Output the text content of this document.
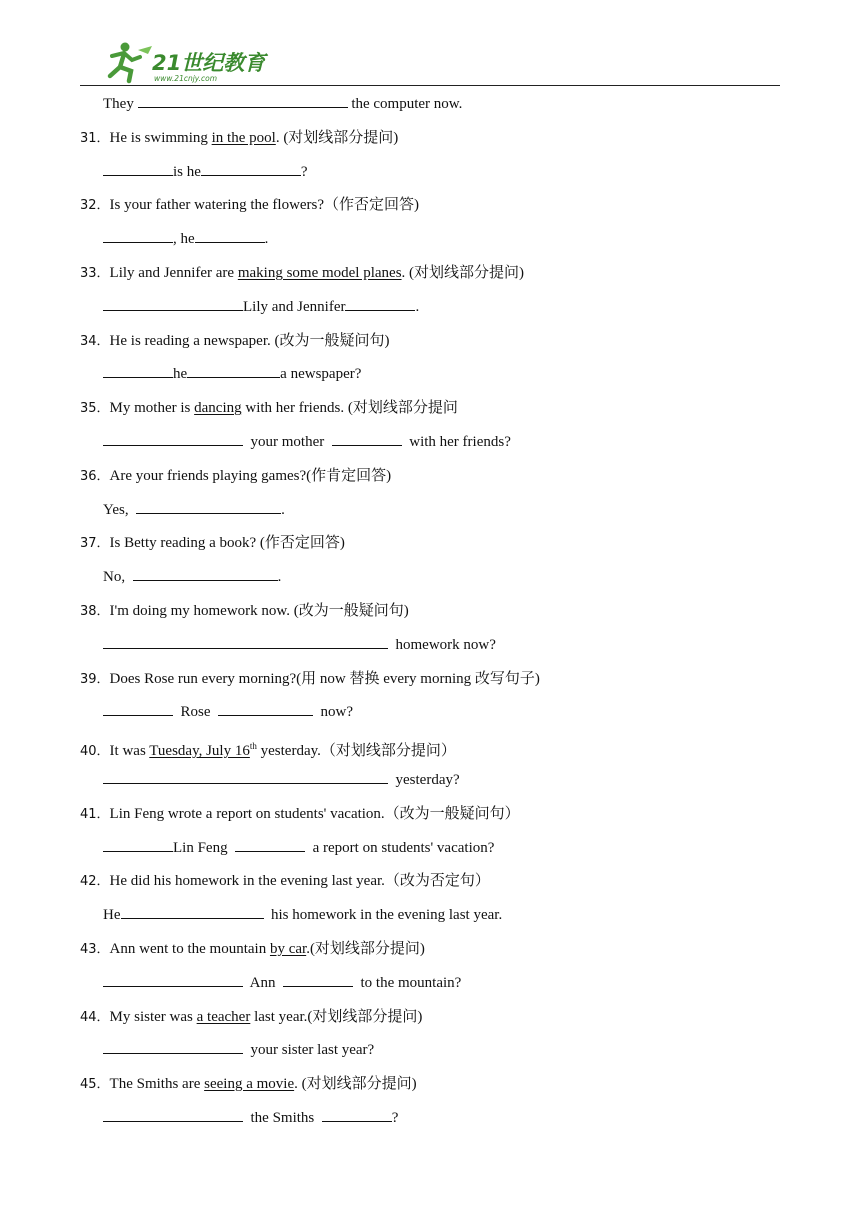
21世纪教育
www.21cnjy.com
They	the computer now.
31．He is swimming in the pool. (对划线部分提问)
is he	?
32．Is your father watering the flowers?（作否定回答)
, he	.
33．Lily and Jennifer are making some model planes. (对划线部分提问)
Lily and Jennifer	.
34．He is reading a newspaper. (改为一般疑问句)
he	a newspaper?
35．My mother is dancing with her friends. (对划线部分提问
your mother	with her friends?
36．Are your friends playing games?(作肯定回答)
Yes,	.
37．Is Betty reading a book? (作否定回答)
No,	.
38．I'm doing my homework now. (改为一般疑问句)
homework now?
39．Does Rose run every morning?(用 now 替换 every morning 改写句子)
Rose	now?
40．It was Tuesday, July 16th yesterday.（对划线部分提问）
yesterday?
41．Lin Feng wrote a report on students' vacation.（改为一般疑问句）
Lin Feng	a report on students' vacation?
42．He did his homework in the evening last year.（改为否定句）
He	his homework in the evening last year.
43．Ann went to the mountain by car.(对划线部分提问)
Ann	to the mountain?
44．My sister was a teacher last year.(对划线部分提问)
your sister last year?
45．The Smiths are seeing a movie. (对划线部分提问)
the Smiths	?
